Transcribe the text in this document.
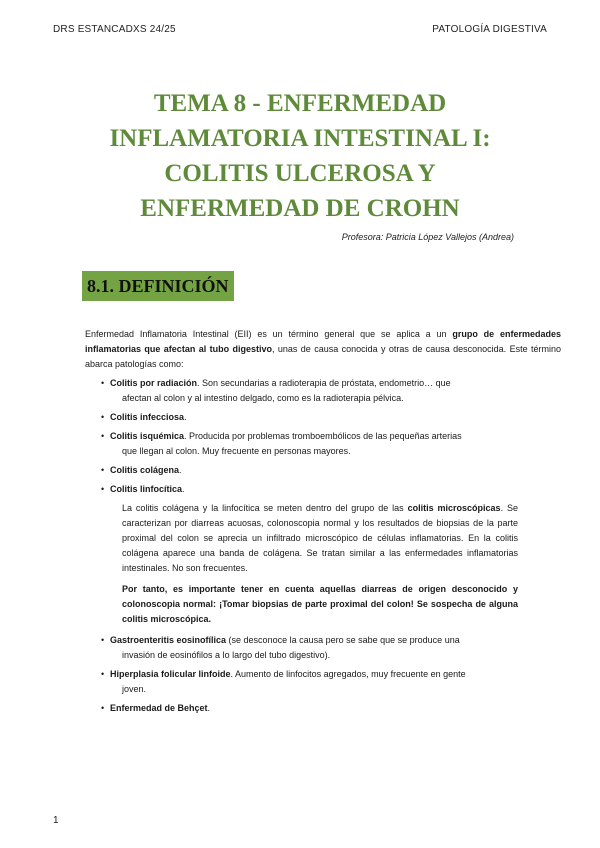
DRS ESTANCADXS 24/25	PATOLOGÍA DIGESTIVA
TEMA 8 - ENFERMEDAD
INFLAMATORIA INTESTINAL I:
COLITIS ULCEROSA Y
ENFERMEDAD DE CROHN
Profesora: Patricia López Vallejos (Andrea)
8.1. DEFINICIÓN

Enfermedad Inflamatoria Intestinal (EII) es un término general que se aplica a un grupo de enfermedades inflamatorias que afectan al tubo digestivo, unas de causa conocida y otras de causa desconocida. Este término abarca patologías como:

• Colitis por radiación. Son secundarias a radioterapia de próstata, endometrio… que
afectan al colon y al intestino delgado, como es la radioterapia pélvica.
• Colitis infecciosa.
• Colitis isquémica. Producida por problemas tromboembólicos de las pequeñas arterias
que llegan al colon. Muy frecuente en personas mayores.
• Colitis colágena.
• Colitis linfocítica.

La colitis colágena y la linfocítica se meten dentro del grupo de las colitis microscópicas. Se caracterizan por diarreas acuosas, colonoscopia normal y los resultados de biopsias de la parte proximal del colon se aprecia un infiltrado microscópico de células inflamatorias. En la colitis colágena aparece una banda de colágena. Se tratan similar a las enfermedades inflamatorias intestinales. No son frecuentes.

Por tanto, es importante tener en cuenta aquellas diarreas de origen desconocido y colonoscopia normal: ¡Tomar biopsias de parte proximal del colon! Se sospecha de alguna colitis microscópica.

• Gastroenteritis eosinofílica (se desconoce la causa pero se sabe que se produce una
invasión de eosinófilos a lo largo del tubo digestivo).
• Hiperplasia folicular linfoide. Aumento de linfocitos agregados, muy frecuente en gente
joven.
• Enfermedad de Behçet.
1
